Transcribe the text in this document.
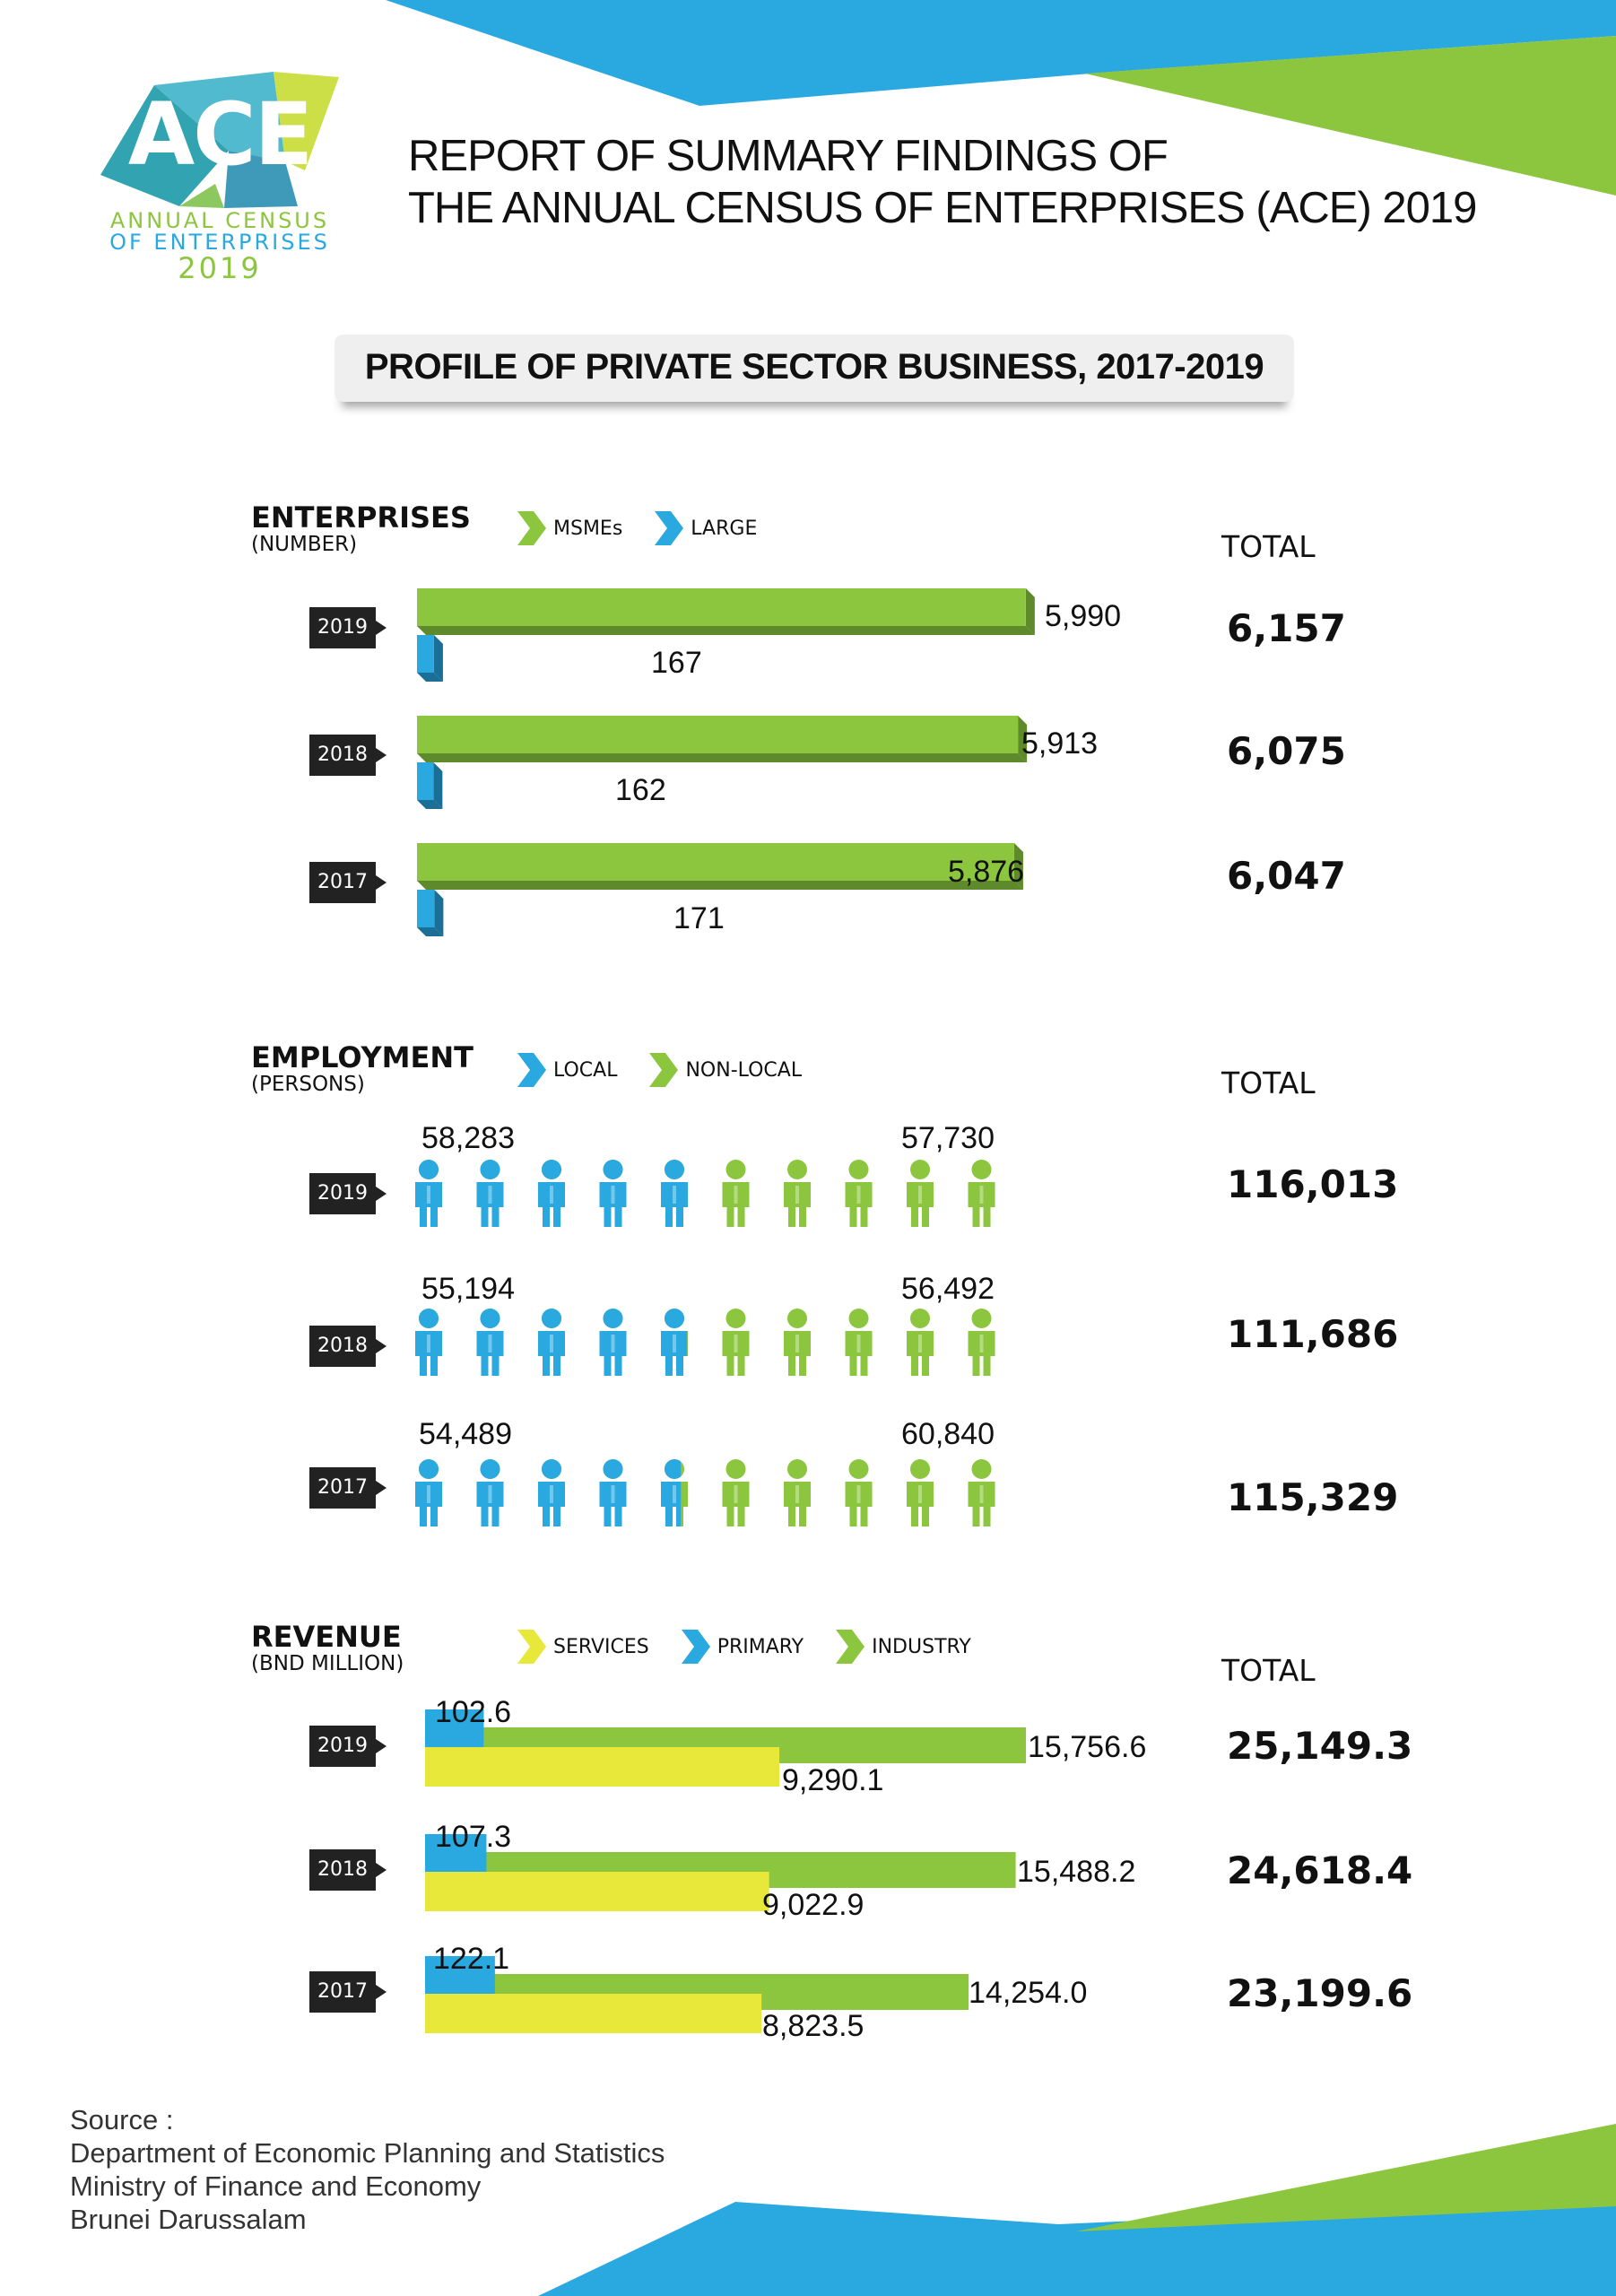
ACE
ANNUAL CENSUS
OF ENTERPRISES
2019
REPORT OF SUMMARY FINDINGS OF
THE ANNUAL CENSUS OF ENTERPRISES (ACE) 2019
PROFILE OF PRIVATE SECTOR BUSINESS, 2017-2019
ENTERPRISES
(NUMBER)
MSMEs	LARGE
TOTAL
2019
2018
2017
5,990
167
5,913
162
5,876
171
6,157
6,075
6,047
EMPLOYMENT
(PERSONS)
LOCAL	NON-LOCAL	TOTAL
2019
2018
2017
58,283	57,730
55,194	56,492
54,489	60,840
116,013
111,686
115,329
REVENUE
(BND MILLION)
SERVICES	PRIMARY	INDUSTRY
TOTAL
2019
2018
2017
102.6
15,756.6
9,290.1
107.3
15,488.2
9,022.9
122.1
14,254.0
8,823.5
25,149.3
24,618.4
23,199.6
Source :
Department of Economic Planning and Statistics
Ministry of Finance and Economy
Brunei Darussalam
